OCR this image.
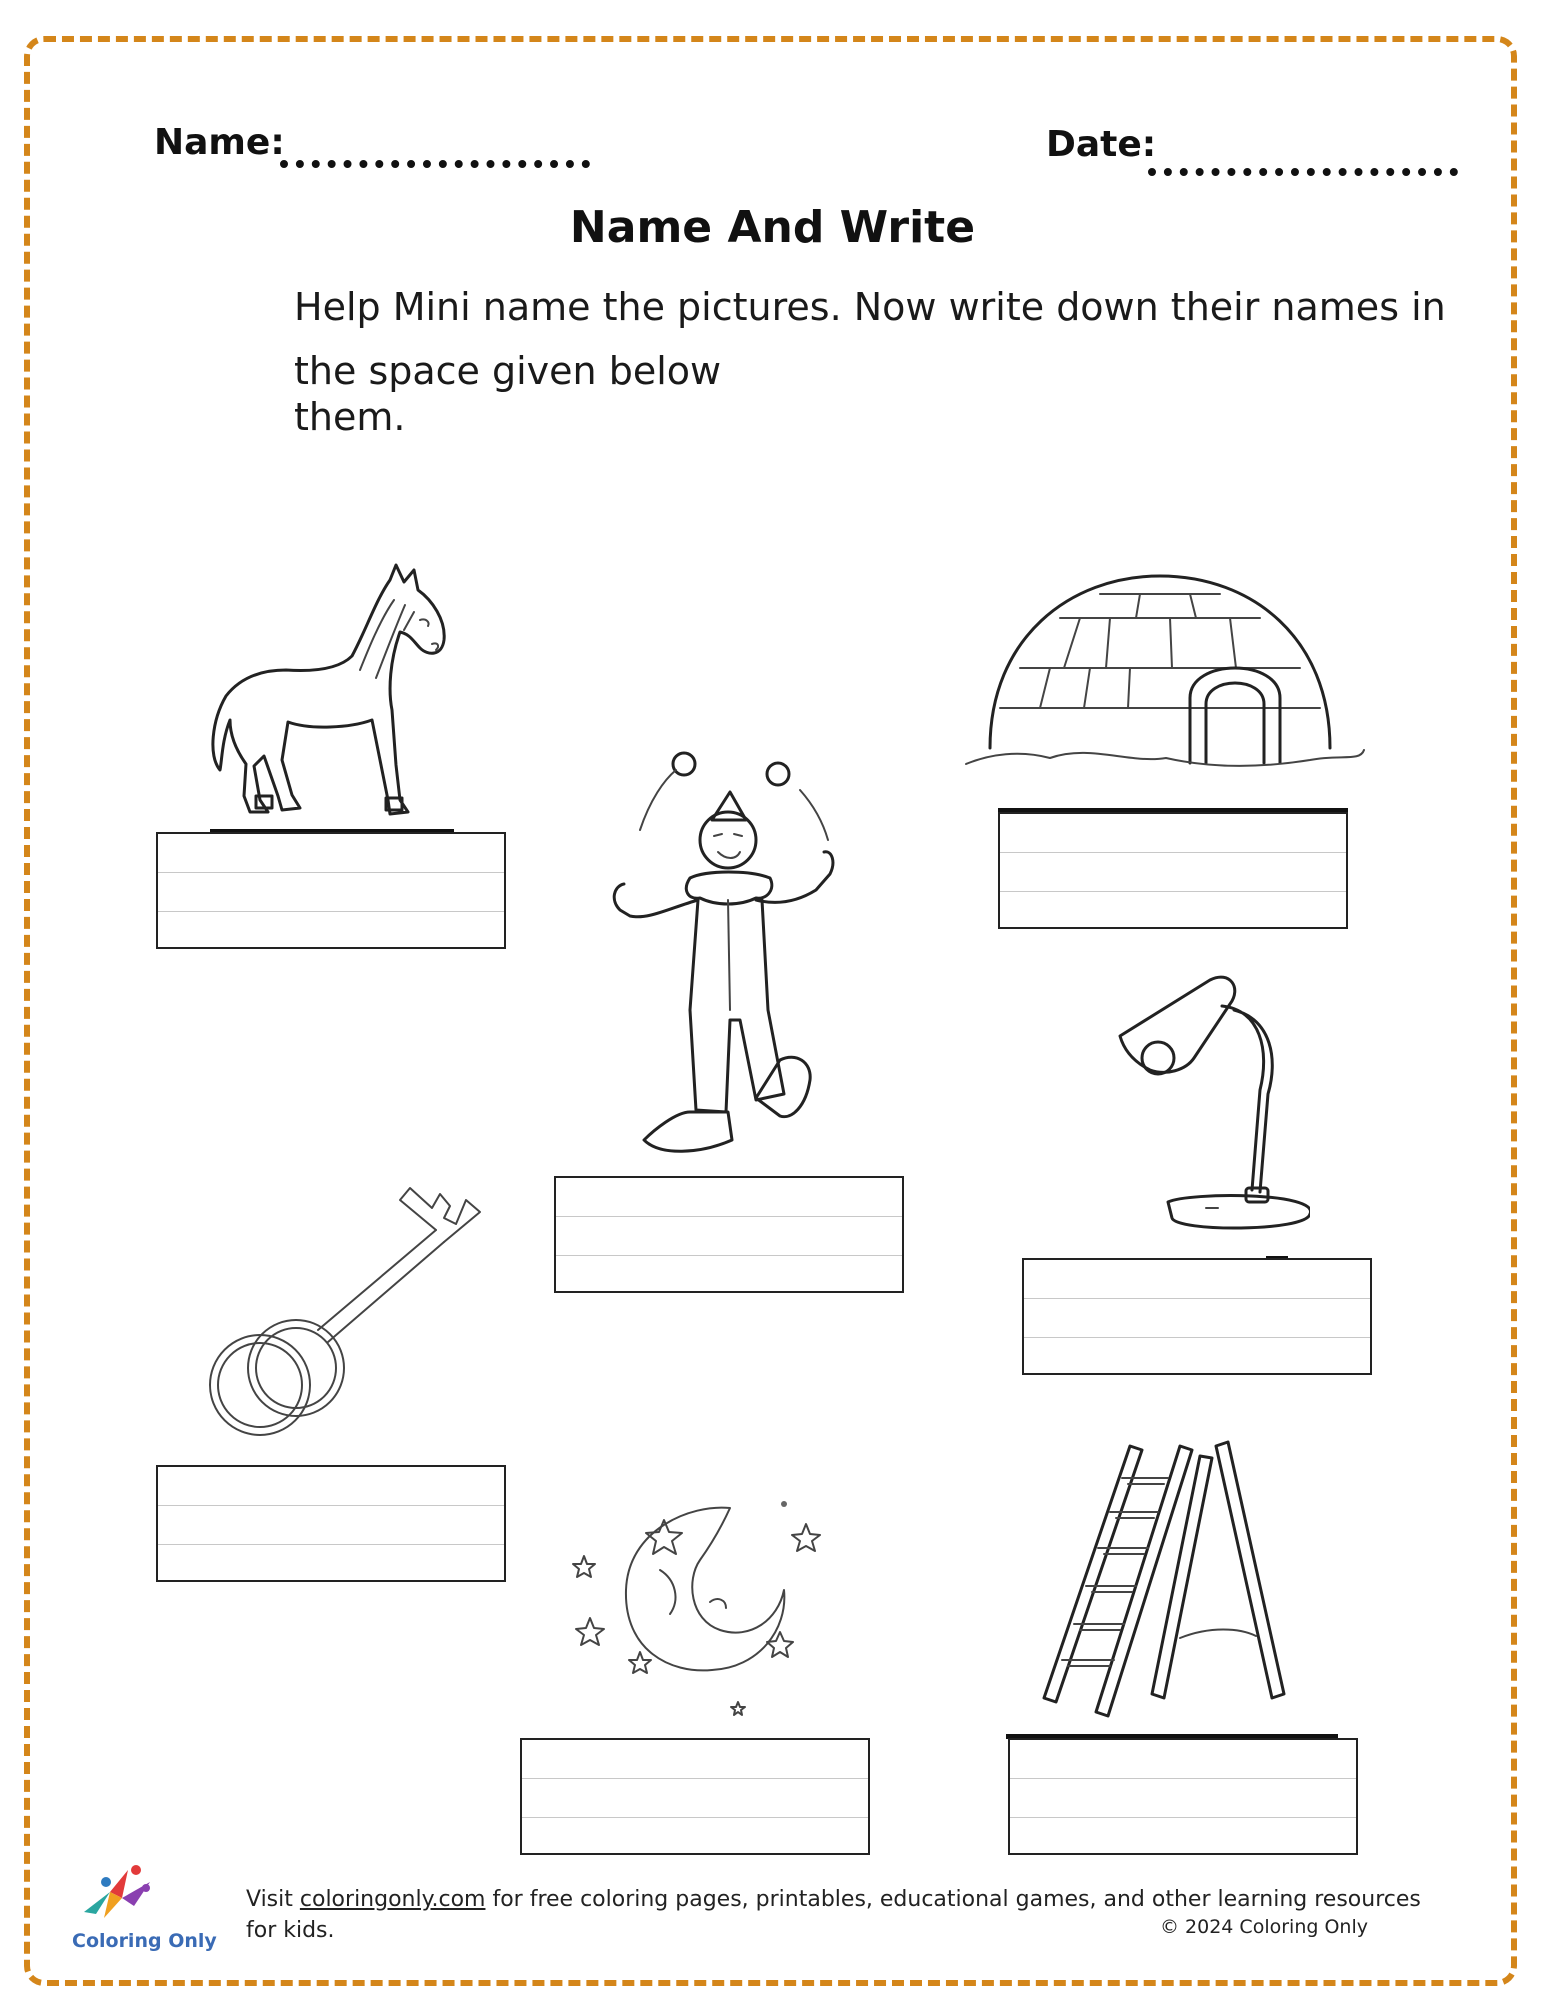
Name:	Date:
Name And Write
Help Mini name the pictures. Now write down their names in
the space given below
them.
Coloring Only
Visit coloringonly.com for free coloring pages, printables, educational games, and other learning resources for kids.	© 2024 Coloring Only
